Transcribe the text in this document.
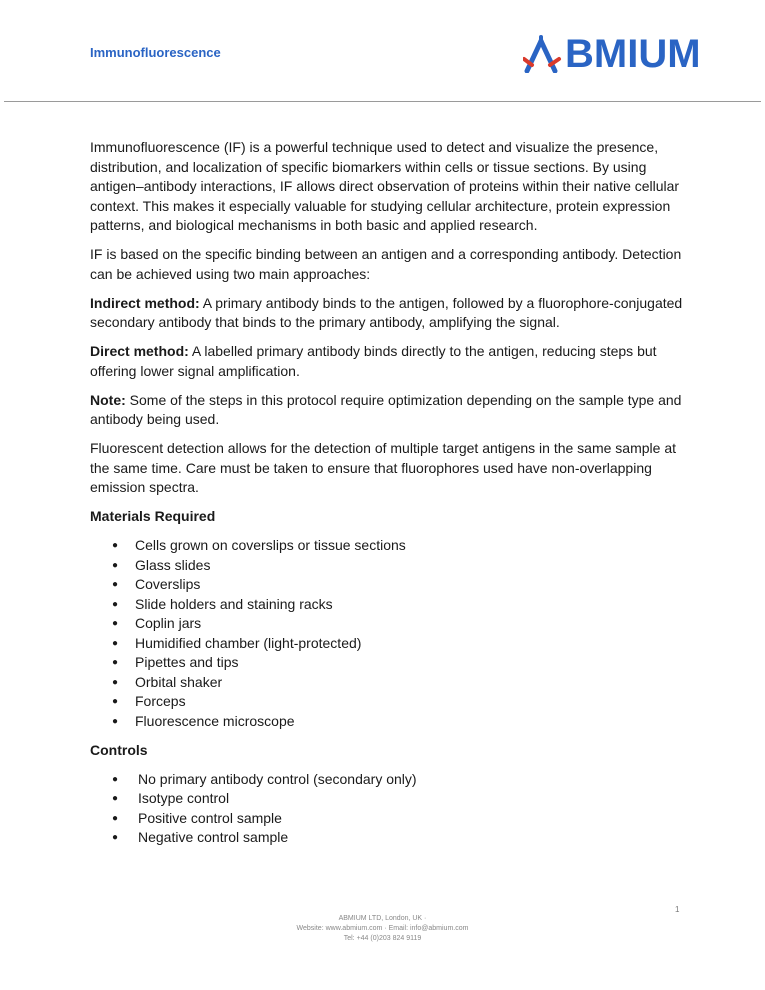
Immunofluorescence	BMIUM

Immunofluorescence (IF) is a powerful technique used to detect and visualize the presence, distribution, and localization of specific biomarkers within cells or tissue sections. By using antigen–antibody interactions, IF allows direct observation of proteins within their native cellular context. This makes it especially valuable for studying cellular architecture, protein expression patterns, and biological mechanisms in both basic and applied research.

IF is based on the specific binding between an antigen and a corresponding antibody. Detection can be achieved using two main approaches:

Indirect method: A primary antibody binds to the antigen, followed by a fluorophore-conjugated secondary antibody that binds to the primary antibody, amplifying the signal.

Direct method: A labelled primary antibody binds directly to the antigen, reducing steps but offering lower signal amplification.

Note: Some of the steps in this protocol require optimization depending on the sample type and antibody being used.

Fluorescent detection allows for the detection of multiple target antigens in the same sample at the same time. Care must be taken to ensure that fluorophores used have non-overlapping emission spectra.

Materials Required
● Cells grown on coverslips or tissue sections
● Glass slides
● Coverslips
● Slide holders and staining racks
● Coplin jars
● Humidified chamber (light-protected)
● Pipettes and tips
● Orbital shaker
● Forceps
● Fluorescence microscope
Controls
● No primary antibody control (secondary only)
● Isotype control
● Positive control sample
● Negative control sample
1
ABMIUM LTD, London, UK ·
Website: www.abmium.com · Email: info@abmium.com
Tel: +44 (0)203 824 9119
